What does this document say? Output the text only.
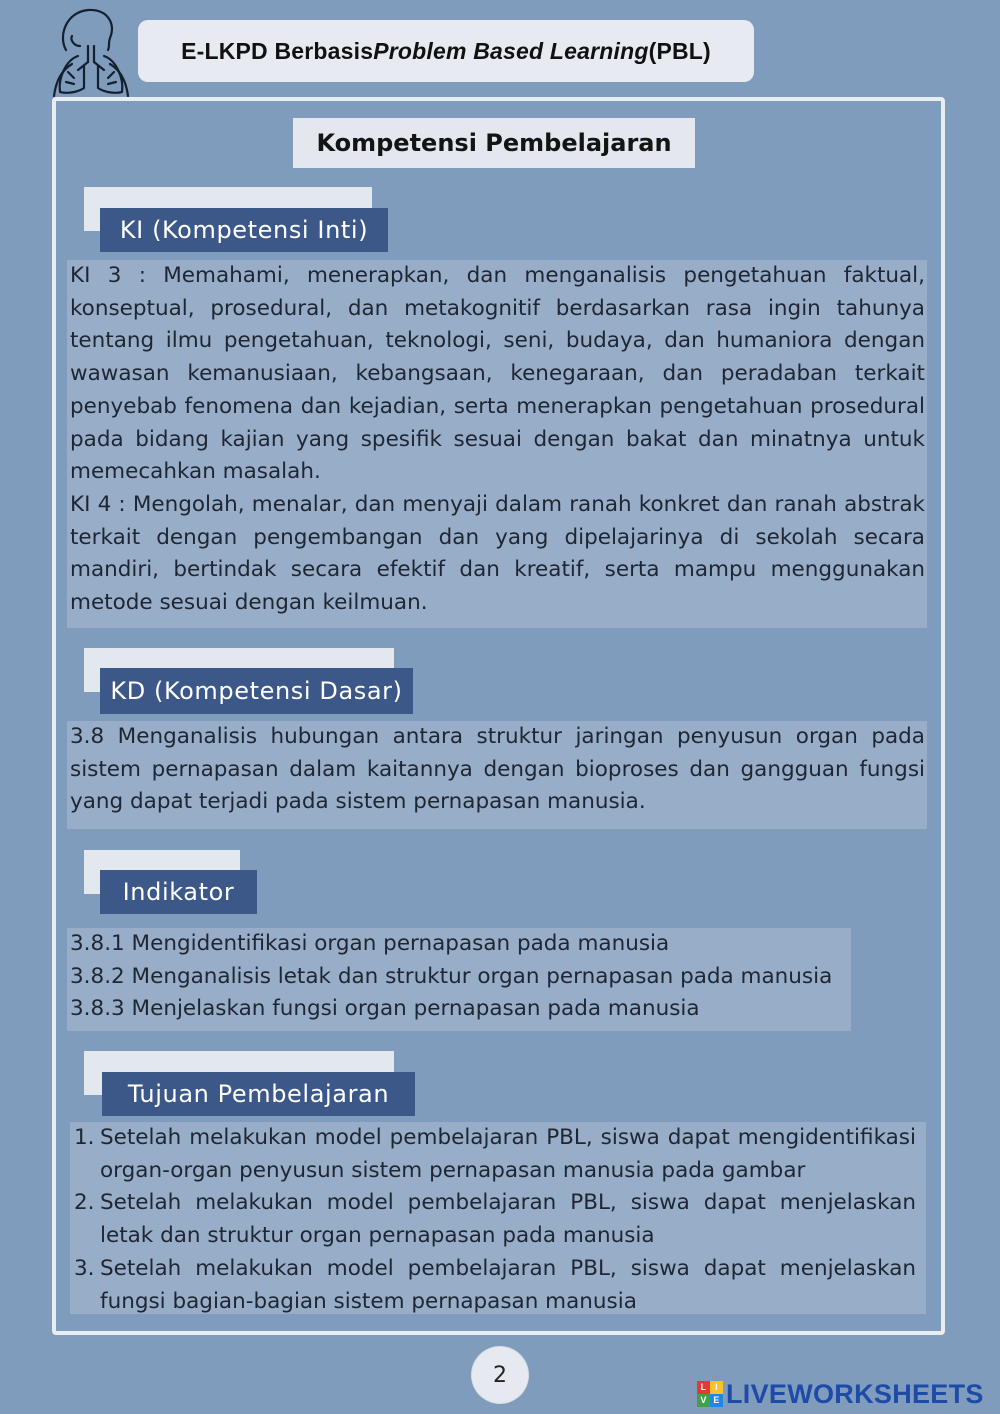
E-LKPD Berbasis Problem Based Learning (PBL)
Kompetensi Pembelajaran
KI (Kompetensi Inti)

KI 3 : Memahami, menerapkan, dan menganalisis pengetahuan faktual, konseptual, prosedural, dan metakognitif berdasarkan rasa ingin tahunya tentang ilmu pengetahuan, teknologi, seni, budaya, dan humaniora dengan wawasan kemanusiaan, kebangsaan, kenegaraan, dan peradaban terkait penyebab fenomena dan kejadian, serta menerapkan pengetahuan prosedural pada bidang kajian yang spesifik sesuai dengan bakat dan minatnya untuk memecahkan masalah.

KI 4 : Mengolah, menalar, dan menyaji dalam ranah konkret dan ranah abstrak terkait dengan pengembangan dan yang dipelajarinya di sekolah secara mandiri, bertindak secara efektif dan kreatif, serta mampu menggunakan metode sesuai dengan keilmuan.

KD (Kompetensi Dasar)

3.8 Menganalisis hubungan antara struktur jaringan penyusun organ pada sistem pernapasan dalam kaitannya dengan bioproses dan gangguan fungsi yang dapat terjadi pada sistem pernapasan manusia.

Indikator

3.8.1 Mengidentifikasi organ pernapasan pada manusia

3.8.2 Menganalisis letak dan struktur organ pernapasan pada manusia

3.8.3 Menjelaskan fungsi organ pernapasan pada manusia

Tujuan Pembelajaran
1. Setelah melakukan model pembelajaran PBL, siswa dapat mengidentifikasi organ-organ penyusun sistem pernapasan manusia pada gambar
2. Setelah melakukan model pembelajaran PBL, siswa dapat menjelaskan letak dan struktur organ pernapasan pada manusia
3. Setelah melakukan model pembelajaran PBL, siswa dapat menjelaskan fungsi bagian-bagian sistem pernapasan manusia
2	L I
V E LIVEWORKSHEETS
